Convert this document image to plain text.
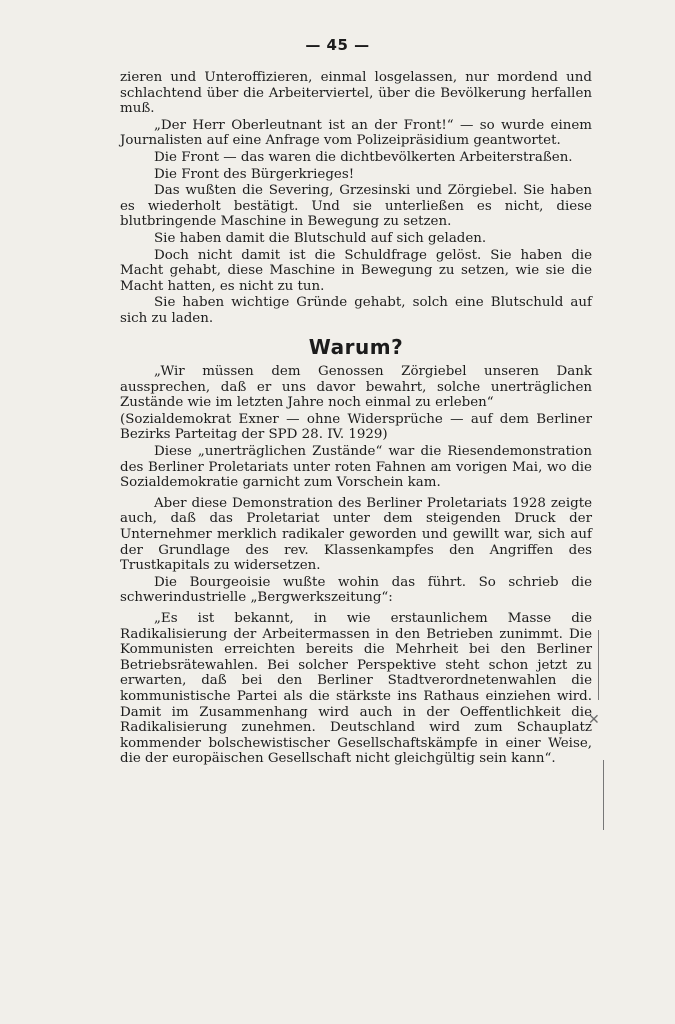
— 45 —

zieren und Unteroffizieren, einmal losgelassen, nur mordend und schlachtend über die Arbeiterviertel, über die Bevölkerung herfallen muß.

„Der Herr Oberleutnant ist an der Front!“ — so wurde einem Journalisten auf eine Anfrage vom Polizeipräsidium geantwortet.

Die Front — das waren die dichtbevölkerten Arbeiterstraßen.

Die Front des Bürgerkrieges!

Das wußten die Severing, Grzesinski und Zörgiebel. Sie haben es wiederholt bestätigt. Und sie unterließen es nicht, diese blutbringende Maschine in Bewegung zu setzen.

Sie haben damit die Blutschuld auf sich geladen.

Doch nicht damit ist die Schuldfrage gelöst. Sie haben die Macht gehabt, diese Maschine in Bewegung zu setzen, wie sie die Macht hatten, es nicht zu tun.

Sie haben wichtige Gründe gehabt, solch eine Blutschuld auf sich zu laden.

Warum?

„Wir müssen dem Genossen Zörgiebel unseren Dank aussprechen, daß er uns davor bewahrt, solche unerträglichen Zustände wie im letzten Jahre noch einmal zu erleben“

(Sozialdemokrat Exner — ohne Widersprüche — auf dem Berliner Bezirks Parteitag der SPD 28. IV. 1929)

Diese „unerträglichen Zustände“ war die Riesendemonstration des Berliner Proletariats unter roten Fahnen am vorigen Mai, wo die Sozialdemokratie garnicht zum Vorschein kam.

Aber diese Demonstration des Berliner Proletariats 1928 zeigte auch, daß das Proletariat unter dem steigenden Druck der Unternehmer merklich radikaler geworden und gewillt war, sich auf der Grundlage des rev. Klassenkampfes den Angriffen des Trustkapitals zu widersetzen.

Die Bourgeoisie wußte wohin das führt. So schrieb die schwerindustrielle „Bergwerkszeitung“:

„Es ist bekannt, in wie erstaunlichem Masse die Radikalisierung der Arbeitermassen in den Betrieben zunimmt. Die Kommunisten erreichten bereits die Mehrheit bei den Berliner Betriebsrätewahlen. Bei solcher Perspektive steht schon jetzt zu erwarten, daß bei den Berliner Stadtverordnetenwahlen die kommunistische Partei als die stärkste ins Rathaus einziehen wird. Damit im Zusammenhang wird auch in der Oeffentlichkeit die Radikalisierung zunehmen. Deutschland wird zum Schauplatz kommender bolschewistischer Gesellschaftskämpfe in einer Weise, die der europäischen Gesellschaft nicht gleichgültig sein kann“.

✕
